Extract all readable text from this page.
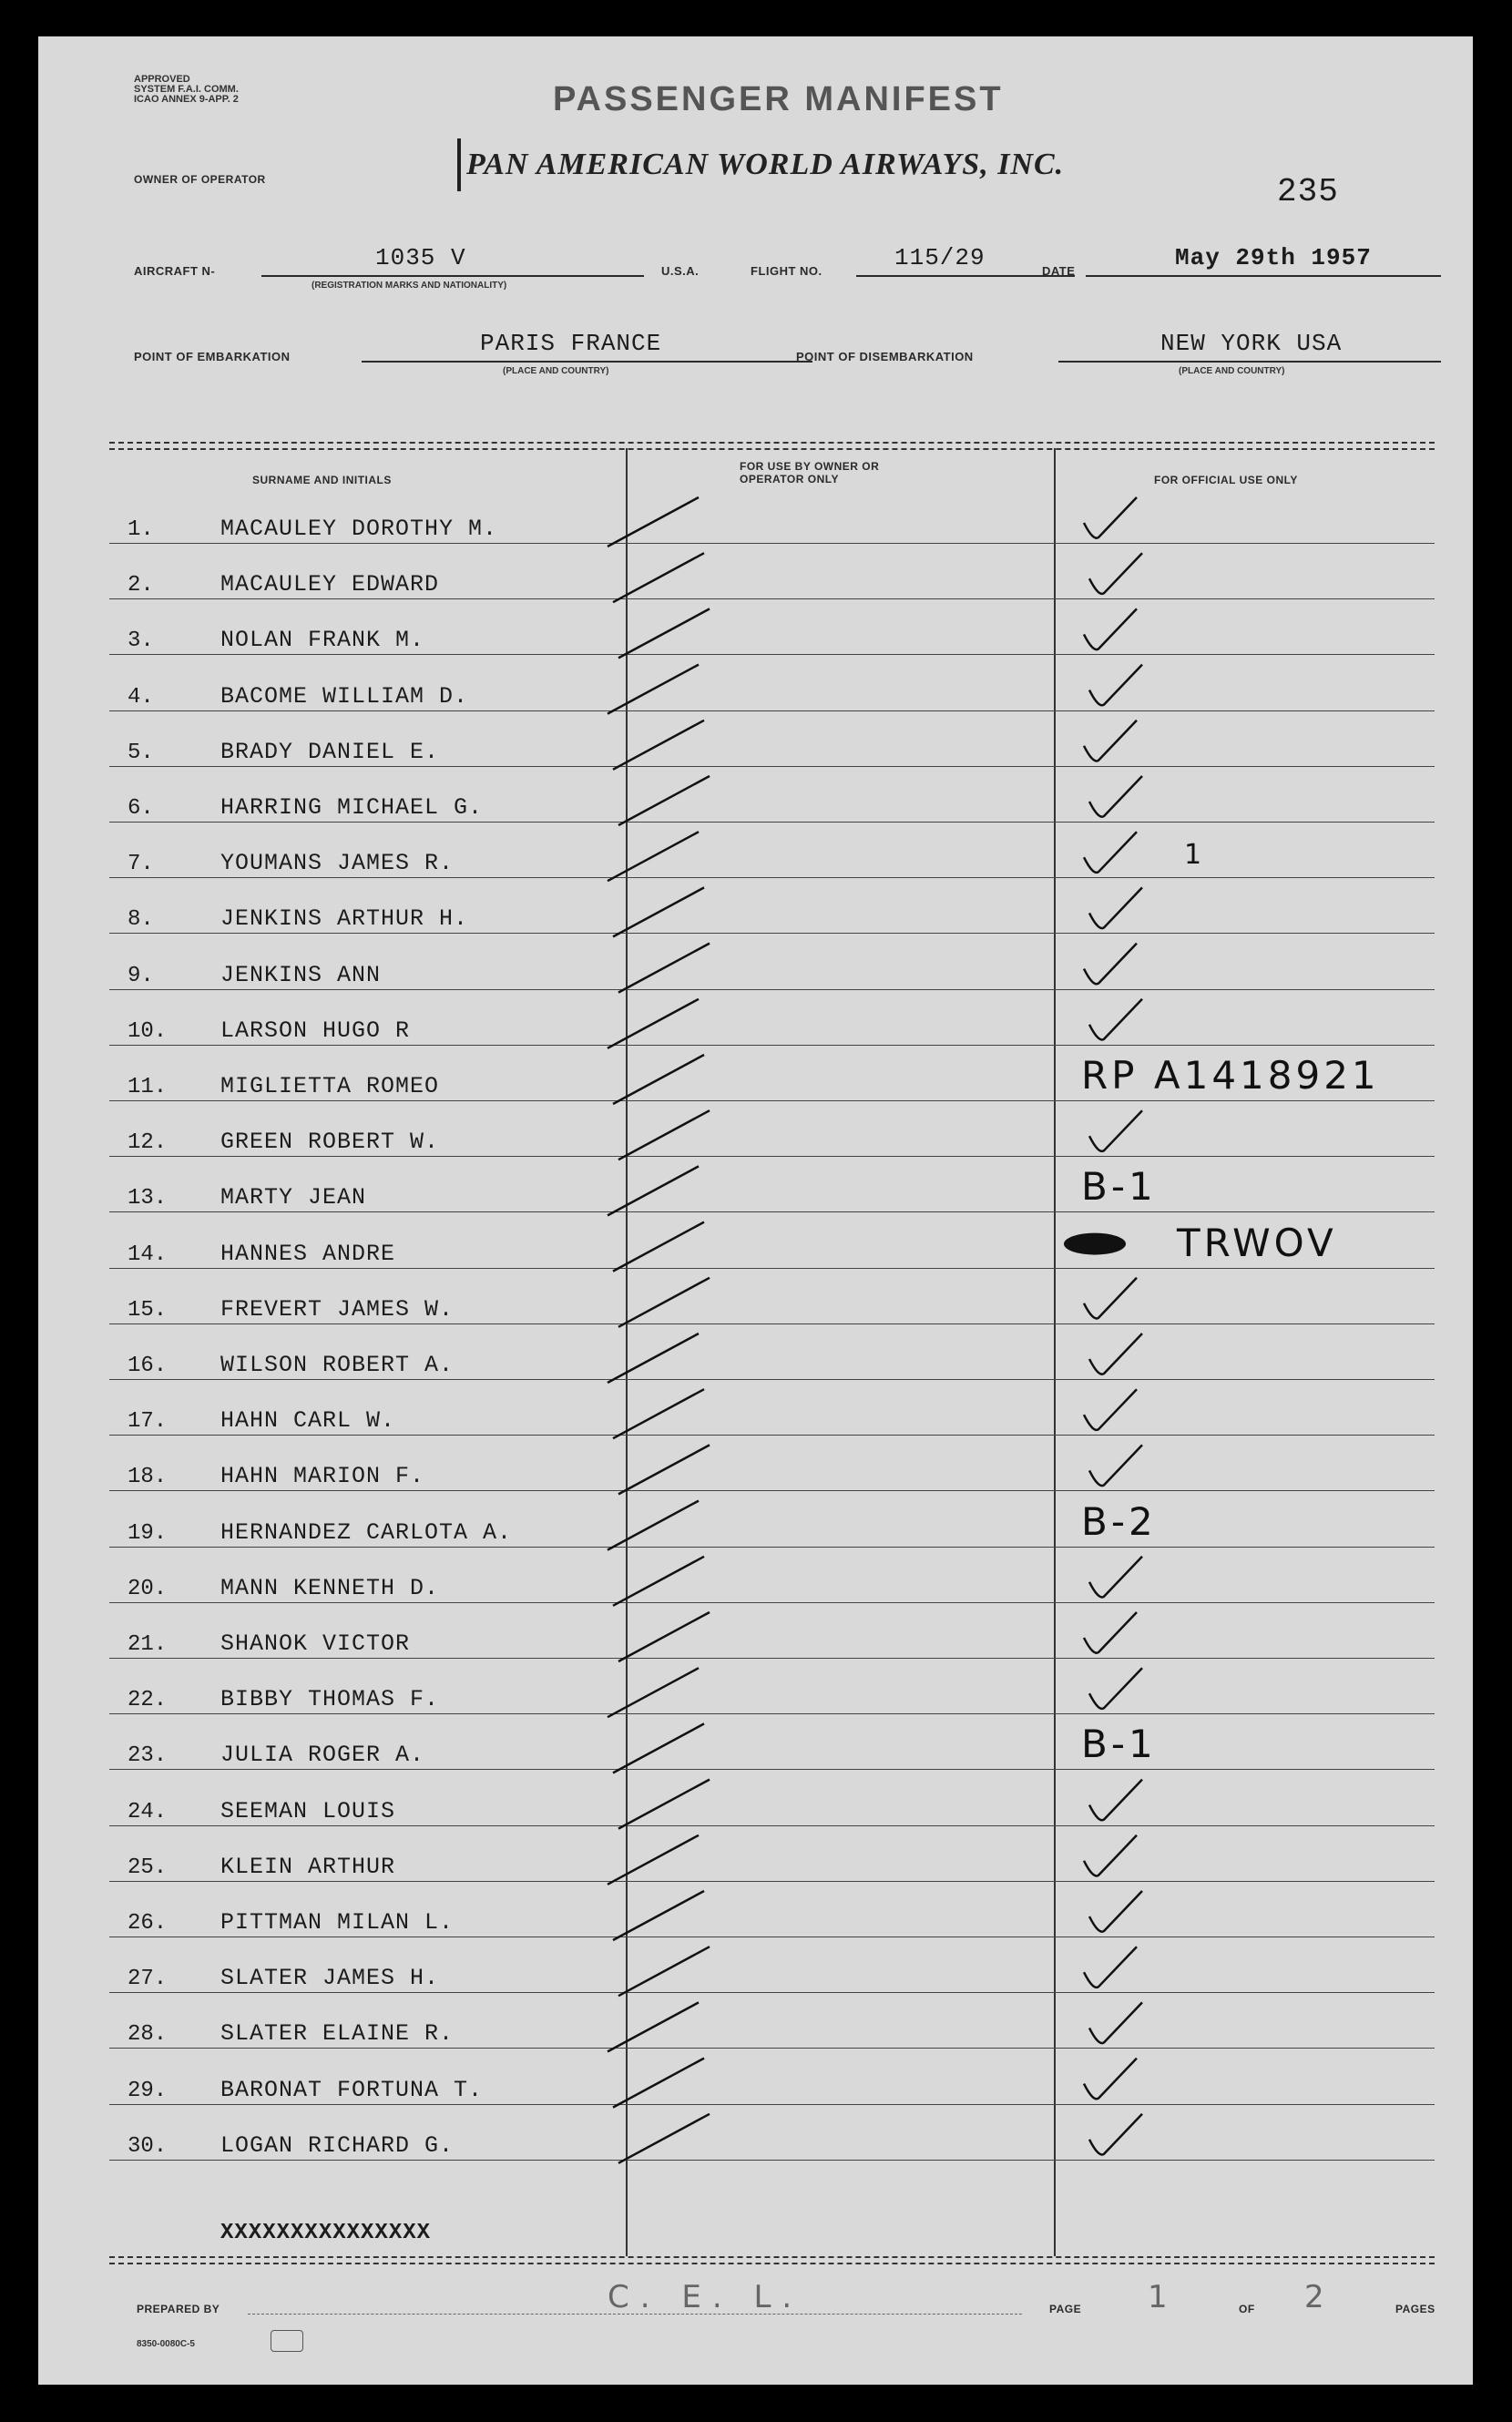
APPROVED
SYSTEM F.A.I. COMM.
ICAO ANNEX 9-APP. 2	PASSENGER MANIFEST
OWNER OF OPERATOR	PAN AMERICAN WORLD AIRWAYS, INC.
235
AIRCRAFT N-	1035 V
(REGISTRATION MARKS AND NATIONALITY)
U.S.A.	FLIGHT NO.	115/29	DATE	May 29th 1957
POINT OF EMBARKATION	PARIS FRANCE
(PLACE AND COUNTRY)
POINT OF DISEMBARKATION	NEW YORK USA
(PLACE AND COUNTRY)
SURNAME AND INITIALS
FOR USE BY OWNER OR OPERATOR ONLY	FOR OFFICIAL USE ONLY
1.	MACAULEY DOROTHY M.
2.	MACAULEY EDWARD
3.	NOLAN FRANK M.
4.	BACOME WILLIAM D.
5.	BRADY DANIEL E.
6.	HARRING MICHAEL G.
7.	YOUMANS JAMES R.	1
8.	JENKINS ARTHUR H.
9.	JENKINS ANN
10. LARSON HUGO R
11. MIGLIETTA ROMEO	RP A1418921
12. GREEN ROBERT W.
13. MARTY JEAN	B-1
14. HANNES ANDRE	TRWOV
15. FREVERT JAMES W.
16. WILSON ROBERT A.
17. HAHN CARL W.
18. HAHN MARION F.
19. HERNANDEZ CARLOTA A.	B-2
20. MANN KENNETH D.
21. SHANOK VICTOR
22. BIBBY THOMAS F.
23. JULIA ROGER A.	B-1
24. SEEMAN LOUIS
25. KLEIN ARTHUR
26. PITTMAN MILAN L.
27. SLATER JAMES H.
28. SLATER ELAINE R.
29. BARONAT FORTUNA T.
30. LOGAN RICHARD G.
XXXXXXXXXXXXXXX
PREPARED BY	C. E. L.	PAGE 1	OF 2	PAGES
8350-0080C-5
